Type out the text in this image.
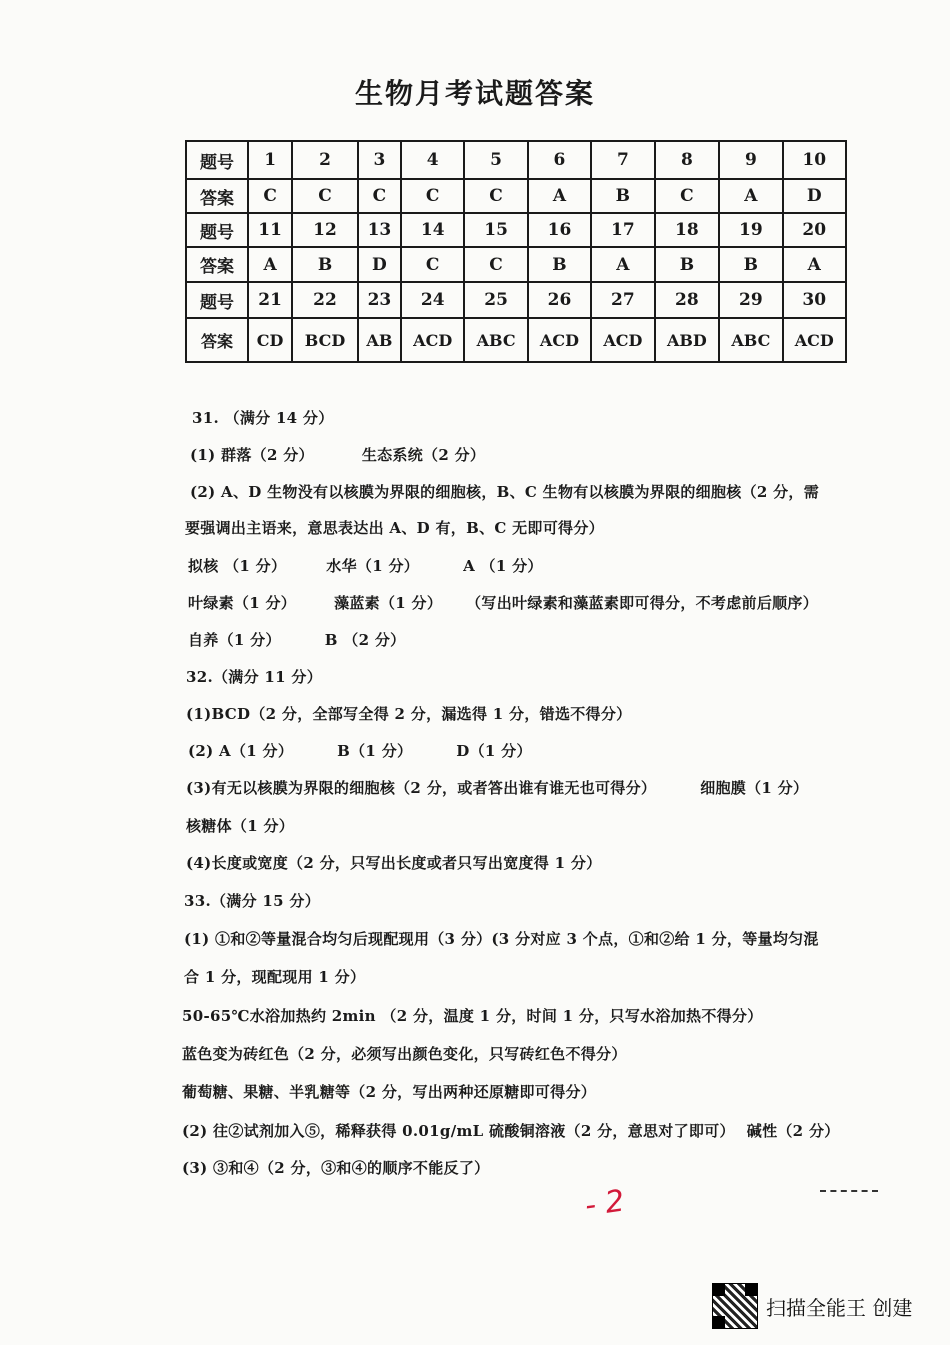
生物月考试题答案
题号	1	2	3	4	5	6	7	8	9	10
答案	C	C	C	C	C	A	B	C	A	D
题号	11	12	13	14	15	16	17	18	19	20
答案	A	B	D	C	C	B	A	B	B	A
题号	21	22	23	24	25	26	27	28	29	30
答案	CD	BCD	AB	ACD	ABC	ACD	ACD	ABD	ABC	ACD
31. （满分 14 分）
(1) 群落（2 分）	生态系统（2 分）
(2) A、D 生物没有以核膜为界限的细胞核，B、C 生物有以核膜为界限的细胞核（2 分，需
要强调出主语来，意思表达出 A、D 有，B、C 无即可得分）
拟核 （1 分）	水华（1 分）	A （1 分）
叶绿素（1 分）	藻蓝素（1 分） （写出叶绿素和藻蓝素即可得分，不考虑前后顺序）
自养（1 分）	B （2 分）
32.（满分 11 分）
(1)BCD（2 分，全部写全得 2 分，漏选得 1 分，错选不得分）
(2) A（1 分）	B（1 分）	D（1 分）
(3)有无以核膜为界限的细胞核（2 分，或者答出谁有谁无也可得分）	细胞膜（1 分）
核糖体（1 分）
(4)长度或宽度（2 分，只写出长度或者只写出宽度得 1 分）
33.（满分 15 分）
(1) ①和②等量混合均匀后现配现用（3 分）(3 分对应 3 个点，①和②给 1 分，等量均匀混
合 1 分，现配现用 1 分）
50-65℃水浴加热约 2min （2 分，温度 1 分，时间 1 分，只写水浴加热不得分）
蓝色变为砖红色（2 分，必须写出颜色变化，只写砖红色不得分）
葡萄糖、果糖、半乳糖等（2 分，写出两种还原糖即可得分）
(2) 往②试剂加入⑤，稀释获得 0.01g/mL 硫酸铜溶液（2 分，意思对了即可） 碱性（2 分）
(3) ③和④（2 分，③和④的顺序不能反了）
- 2
扫描全能王 创建
